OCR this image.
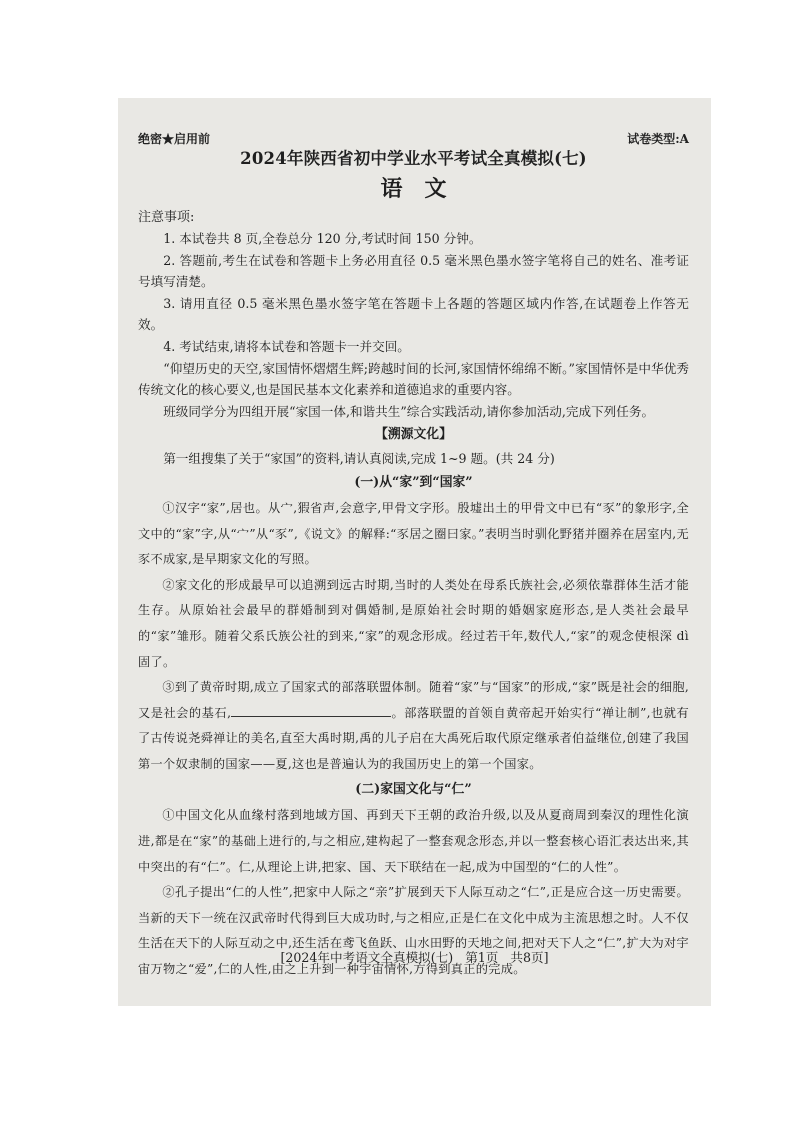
绝密★启用前	试卷类型:A
2024年陕西省初中学业水平考试全真模拟(七)
语文
注意事项:

1. 本试卷共 8 页,全卷总分 120 分,考试时间 150 分钟。

2. 答题前,考生在试卷和答题卡上务必用直径 0.5 毫米黑色墨水签字笔将自己的姓名、准考证号填写清楚。

3. 请用直径 0.5 毫米黑色墨水签字笔在答题卡上各题的答题区域内作答,在试题卷上作答无效。

4. 考试结束,请将本试卷和答题卡一并交回。

“仰望历史的天空,家国情怀熠熠生辉;跨越时间的长河,家国情怀绵绵不断。”家国情怀是中华优秀传统文化的核心要义,也是国民基本文化素养和道德追求的重要内容。

班级同学分为四组开展“家国一体,和谐共生”综合实践活动,请你参加活动,完成下列任务。

【溯源文化】

第一组搜集了关于“家国”的资料,请认真阅读,完成 1~9 题。(共 24 分)

(一)从“家”到“国家”

①汉字“家”,居也。从宀,猳省声,会意字,甲骨文字形。殷墟出土的甲骨文中已有“豕”的象形字,全文中的“家”字,从“宀”从“豕”,《说文》的解释:“豕居之圈曰家。”表明当时驯化野猪并圈养在居室内,无豕不成家,是早期家文化的写照。

②家文化的形成最早可以追溯到远古时期,当时的人类处在母系氏族社会,必须依靠群体生活才能生存。从原始社会最早的群婚制到对偶婚制,是原始社会时期的婚姻家庭形态,是人类社会最早的“家”雏形。随着父系氏族公社的到来,“家”的观念形成。经过若干年,数代人,“家”的观念使根深 dì 固了。

③到了黄帝时期,成立了国家式的部落联盟体制。随着“家”与“国家”的形成,“家”既是社会的细胞,又是社会的基石,	。部落联盟的首领自黄帝起开始实行“禅让制”,也就有了古传说尧舜禅让的美名,直至大禹时期,禹的儿子启在大禹死后取代原定继承者伯益继位,创建了我国第一个奴隶制的国家——夏,这也是普遍认为的我国历史上的第一个国家。

(二)家国文化与“仁”

①中国文化从血缘村落到地域方国、再到天下王朝的政治升级,以及从夏商周到秦汉的理性化演进,都是在“家”的基础上进行的,与之相应,建构起了一整套观念形态,并以一整套核心语汇表达出来,其中突出的有“仁”。仁,从理论上讲,把家、国、天下联结在一起,成为中国型的“仁的人性”。

②孔子提出“仁的人性”,把家中人际之“亲”扩展到天下人际互动之“仁”,正是应合这一历史需要。当新的天下一统在汉武帝时代得到巨大成功时,与之相应,正是仁在文化中成为主流思想之时。人不仅生活在天下的人际互动之中,还生活在鸢飞鱼跃、山水田野的天地之间,把对天下人之“仁”,扩大为对宇宙万物之“爱”,仁的人性,由之上升到一种宇宙情怀,方得到真正的完成。

[2024年中考语文全真模拟(七) 第1页 共8页]
